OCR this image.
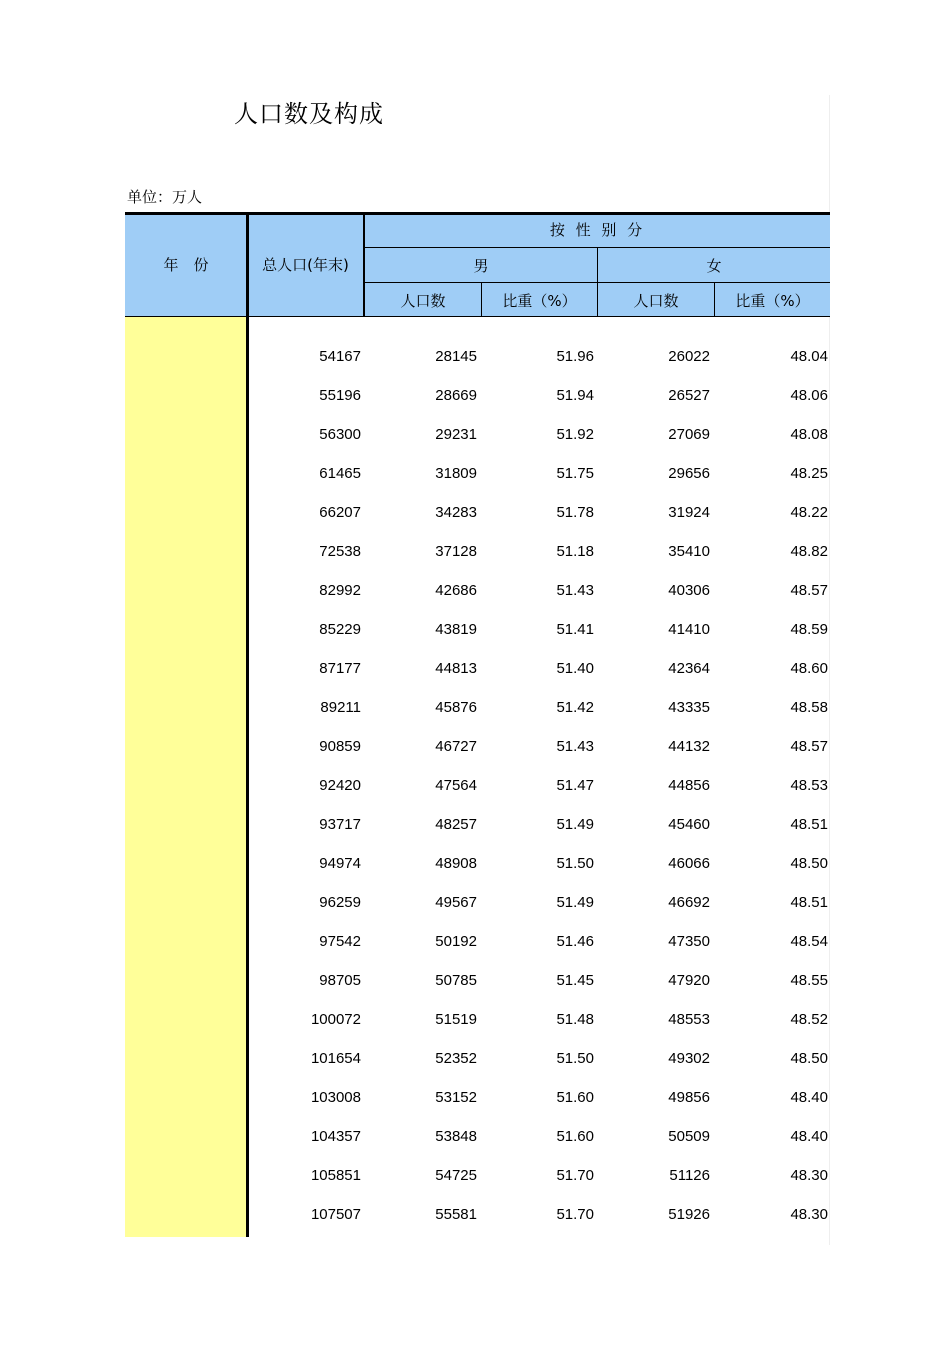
人口数及构成
单位：万人
年　份	总人口(年末)
按 性 别 分
男	女
人口数	比重（%）	人口数	比重（%）
54167	28145	51.96	26022	48.04
55196	28669	51.94	26527	48.06
56300	29231	51.92	27069	48.08
61465	31809	51.75	29656	48.25
66207	34283	51.78	31924	48.22
72538	37128	51.18	35410	48.82
82992	42686	51.43	40306	48.57
85229	43819	51.41	41410	48.59
87177	44813	51.40	42364	48.60
89211	45876	51.42	43335	48.58
90859	46727	51.43	44132	48.57
92420	47564	51.47	44856	48.53
93717	48257	51.49	45460	48.51
94974	48908	51.50	46066	48.50
96259	49567	51.49	46692	48.51
97542	50192	51.46	47350	48.54
98705	50785	51.45	47920	48.55
100072	51519	51.48	48553	48.52
101654	52352	51.50	49302	48.50
103008	53152	51.60	49856	48.40
104357	53848	51.60	50509	48.40
105851	54725	51.70	51126	48.30
107507	55581	51.70	51926	48.30
